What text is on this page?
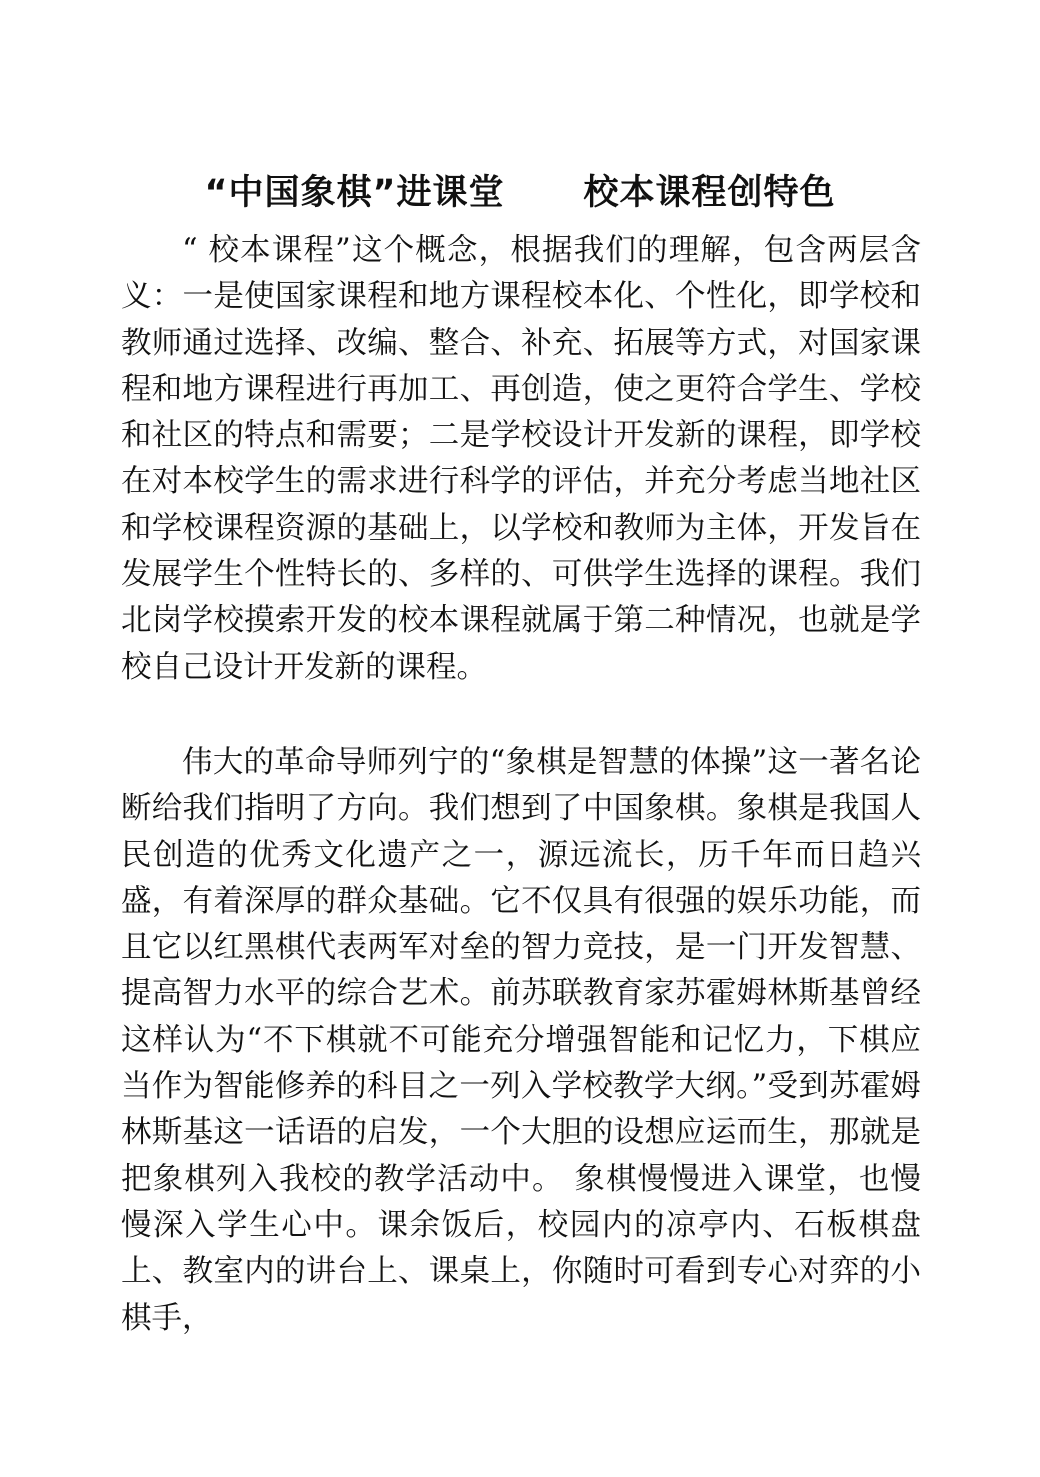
“中国象棋”进课堂      校本课程创特色

“ 校本课程”这个概念，根据我们的理解，包含两层含义：一是使国家课程和地方课程校本化、个性化，即学校和教师通过选择、改编、整合、补充、拓展等方式，对国家课程和地方课程进行再加工、再创造，使之更符合学生、学校和社区的特点和需要；二是学校设计开发新的课程，即学校在对本校学生的需求进行科学的评估，并充分考虑当地社区和学校课程资源的基础上，以学校和教师为主体，开发旨在发展学生个性特长的、多样的、可供学生选择的课程。我们北岗学校摸索开发的校本课程就属于第二种情况，也就是学校自己设计开发新的课程。

伟大的革命导师列宁的“象棋是智慧的体操”这一著名论断给我们指明了方向。我们想到了中国象棋。象棋是我国人民创造的优秀文化遗产之一，源远流长，历千年而日趋兴盛，有着深厚的群众基础。它不仅具有很强的娱乐功能，而且它以红黑棋代表两军对垒的智力竞技，是一门开发智慧、提高智力水平的综合艺术。前苏联教育家苏霍姆林斯基曾经这样认为“不下棋就不可能充分增强智能和记忆力，下棋应当作为智能修养的科目之一列入学校教学大纲。”受到苏霍姆林斯基这一话语的启发，一个大胆的设想应运而生，那就是把象棋列入我校的教学活动中。 象棋慢慢进入课堂，也慢慢深入学生心中。课余饭后，校园内的凉亭内、石板棋盘上、教室内的讲台上、课桌上，你随时可看到专心对弈的小棋手，
